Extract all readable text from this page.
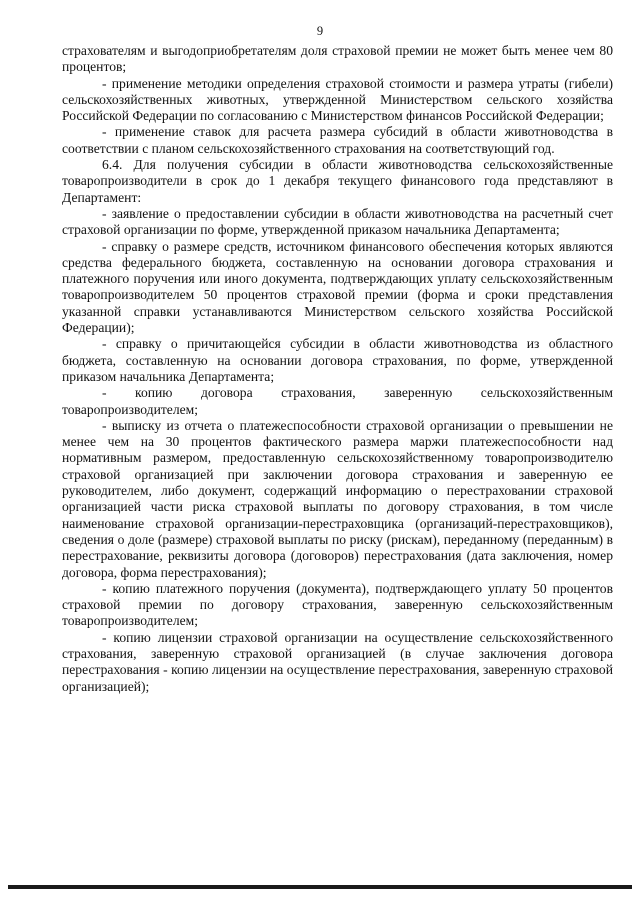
9

страхователям и выгодоприобретателям доля страховой премии не может быть менее чем 80 процентов;

- применение методики определения страховой стоимости и размера утраты (гибели) сельскохозяйственных животных, утвержденной Министерством сельского хозяйства Российской Федерации по согласованию с Министерством финансов Российской Федерации;

- применение ставок для расчета размера субсидий в области животноводства в соответствии с планом сельскохозяйственного страхования на соответствующий год.

6.4. Для получения субсидии в области животноводства сельскохозяйственные товаропроизводители в срок до 1 декабря текущего финансового года представляют в Департамент:

- заявление о предоставлении субсидии в области животноводства на расчетный счет страховой организации по форме, утвержденной приказом начальника Департамента;

- справку о размере средств, источником финансового обеспечения которых являются средства федерального бюджета, составленную на основании договора страхования и платежного поручения или иного документа, подтверждающих уплату сельскохозяйственным товаропроизводителем 50 процентов страховой премии (форма и сроки представления указанной справки устанавливаются Министерством сельского хозяйства Российской Федерации);

- справку о причитающейся субсидии в области животноводства из областного бюджета, составленную на основании договора страхования, по форме, утвержденной приказом начальника Департамента;

- копию договора страхования, заверенную сельскохозяйственным товаропроизводителем;

- выписку из отчета о платежеспособности страховой организации о превышении не менее чем на 30 процентов фактического размера маржи платежеспособности над нормативным размером, предоставленную сельскохозяйственному товаропроизводителю страховой организацией при заключении договора страхования и заверенную ее руководителем, либо документ, содержащий информацию о перестраховании страховой организацией части риска страховой выплаты по договору страхования, в том числе наименование страховой организации-перестраховщика (организаций-перестраховщиков), сведения о доле (размере) страховой выплаты по риску (рискам), переданному (переданным) в перестрахование, реквизиты договора (договоров) перестрахования (дата заключения, номер договора, форма перестрахования);

- копию платежного поручения (документа), подтверждающего уплату 50 процентов страховой премии по договору страхования, заверенную сельскохозяйственным товаропроизводителем;

- копию лицензии страховой организации на осуществление сельскохозяйственного страхования, заверенную страховой организацией (в случае заключения договора перестрахования - копию лицензии на осуществление перестрахования, заверенную страховой организацией);
